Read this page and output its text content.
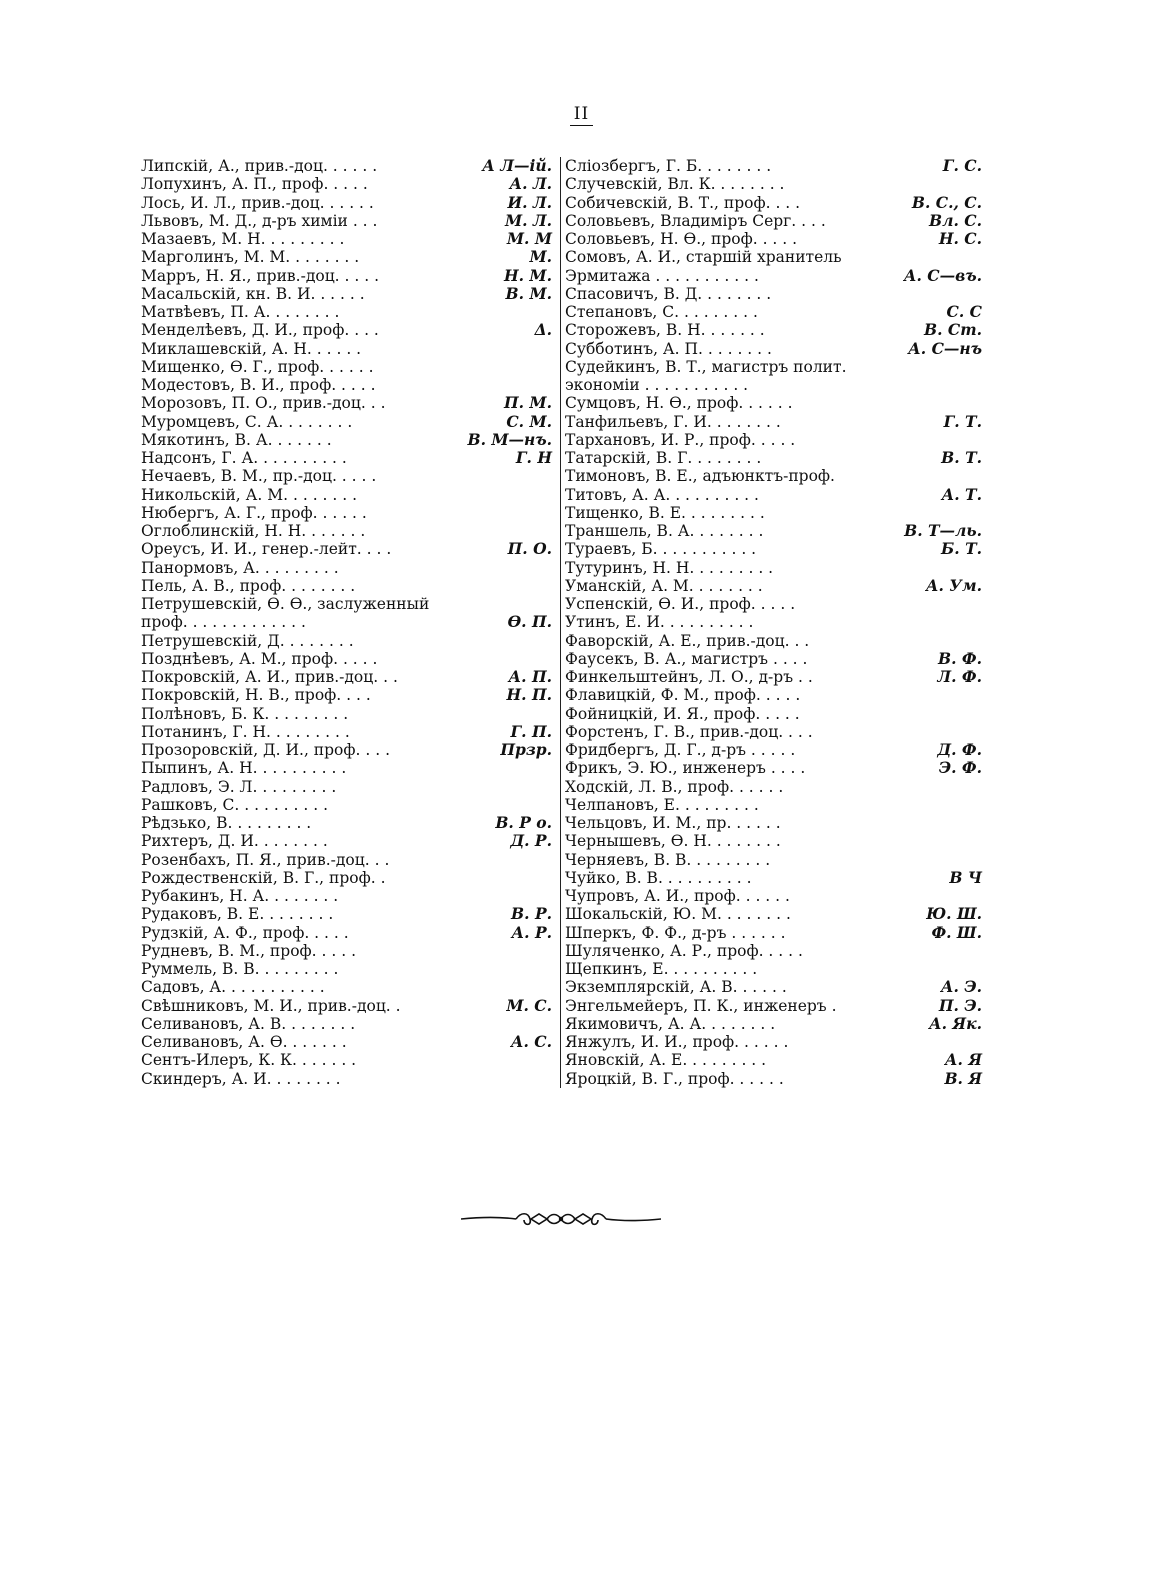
II
Липскій, А., прив.-доц. . . . . .	А Л—ій.
Лопухинъ, А. П., проф. . . . .	А. Л.
Лось, И. Л., прив.-доц. . . . . .	И. Л.
Львовъ, М. Д., д-ръ химіи . . .	М. Л.
Мазаевъ, М. Н. . . . . . . . .	М. М
Марголинъ, М. М. . . . . . . .	М.
Марръ, Н. Я., прив.-доц. . . . .	Н. М.
Масальскій, кн. В. И. . . . . .	В. М.
Матвѣевъ, П. А. . . . . . . .
Менделѣевъ, Д. И., проф. . . .	Δ.
Миклашевскій, А. Н. . . . . .
Мищенко, Ѳ. Г., проф. . . . . .
Модестовъ, В. И., проф. . . . .
Морозовъ, П. О., прив.-доц. . .	П. М.
Муромцевъ, С. А. . . . . . . .	С. М.
Мякотинъ, В. А. . . . . . .	В. М—нъ.
Надсонъ, Г. А. . . . . . . . . .	Г. Н
Нечаевъ, В. М., пр.-доц. . . . .
Никольскій, А. М. . . . . . . .
Нюбергъ, А. Г., проф. . . . . .
Оглоблинскій, Н. Н. . . . . . .
Ореусъ, И. И., генер.-лейт. . . .	П. О.
Панормовъ, А. . . . . . . . .
Пель, А. В., проф. . . . . . . .
Петрушевскій, Ѳ. Ѳ., заслуженный
проф. . . . . . . . . . . . .	Ѳ. П.
Петрушевскій, Д. . . . . . . .
Позднѣевъ, А. М., проф. . . . .
Покровскій, А. И., прив.-доц. . .	А. П.
Покровскій, Н. В., проф. . . .	Н. П.
Полѣновъ, Б. К. . . . . . . . .
Потанинъ, Г. Н. . . . . . . . .	Г. П.
Прозоровскій, Д. И., проф. . . .	Прзр.
Пыпинъ, А. Н. . . . . . . . . .
Радловъ, Э. Л. . . . . . . . .
Рашковъ, С. . . . . . . . . .
Рѣдзько, В. . . . . . . . .	В. Р о.
Рихтеръ, Д. И. . . . . . . .	Д. Р.
Розенбахъ, П. Я., прив.-доц. . .
Рождественскій, В. Г., проф. .
Рубакинъ, Н. А. . . . . . . .
Рудаковъ, В. Е. . . . . . . .	В. Р.
Рудзкій, А. Ф., проф. . . . .	А. Р.
Рудневъ, В. М., проф. . . . .
Руммель, В. В. . . . . . . . .
Садовъ, А. . . . . . . . . . .
Свѣшниковъ, М. И., прив.-доц. .	М. С.
Селивановъ, А. В. . . . . . . .
Селивановъ, А. Ѳ. . . . . . .	А. С.
Сентъ-Илеръ, К. К. . . . . . .
Скиндеръ, А. И. . . . . . . .
Сліозбергъ, Г. Б. . . . . . . .	Г. С.
Случевскій, Вл. К. . . . . . . .
Собичевскій, В. Т., проф. . . .	В. С., С.
Соловьевъ, Владиміръ Серг. . . .	Вл. С.
Соловьевъ, Н. Ѳ., проф. . . . .	Н. С.
Сомовъ, А. И., старшій хранитель
Эрмитажа . . . . . . . . . . .	А. С—въ.
Спасовичъ, В. Д. . . . . . . .
Степановъ, С. . . . . . . . .	С. С
Сторожевъ, В. Н. . . . . . .	В. Ст.
Субботинъ, А. П. . . . . . . .	А. С—нъ
Судейкинъ, В. Т., магистръ полит.
экономіи . . . . . . . . . . .
Сумцовъ, Н. Ѳ., проф. . . . . .
Танфильевъ, Г. И. . . . . . . .	Г. Т.
Тархановъ, И. Р., проф. . . . .
Татарскій, В. Г. . . . . . . .	В. Т.
Тимоновъ, В. Е., адъюнктъ-проф.
Титовъ, А. А. . . . . . . . . .	А. Т.
Тищенко, В. Е. . . . . . . . .
Траншель, В. А. . . . . . . .	В. Т—ль.
Тураевъ, Б. . . . . . . . . . .	Б. Т.
Тутуринъ, Н. Н. . . . . . . . .
Уманскій, А. М. . . . . . . .	А. Ум.
Успенскій, Ѳ. И., проф. . . . .
Утинъ, Е. И. . . . . . . . . .
Фаворскій, А. Е., прив.-доц. . .
Фаусекъ, В. А., магистръ . . . .	В. Ф.
Финкельштейнъ, Л. О., д-ръ . .	Л. Ф.
Флавицкій, Ф. М., проф. . . . .
Фойницкій, И. Я., проф. . . . .
Форстенъ, Г. В., прив.-доц. . . .
Фридбергъ, Д. Г., д-ръ . . . . .	Д. Ф.
Фрикъ, Э. Ю., инженеръ . . . .	Э. Ф.
Ходскій, Л. В., проф. . . . . .
Челпановъ, Е. . . . . . . . .
Чельцовъ, И. М., пр. . . . . .
Чернышевъ, Ѳ. Н. . . . . . . .
Черняевъ, В. В. . . . . . . . .
Чуйко, В. В. . . . . . . . . .	В Ч
Чупровъ, А. И., проф. . . . . .
Шокальскій, Ю. М. . . . . . . .	Ю. Ш.
Шперкъ, Ф. Ф., д-ръ . . . . . .	Ф. Ш.
Шуляченко, А. Р., проф. . . . .
Щепкинъ, Е. . . . . . . . . .
Экземплярскій, А. В. . . . . .	А. Э.
Энгельмейеръ, П. К., инженеръ .	П. Э.
Якимовичъ, А. А. . . . . . . .	А. Як.
Янжулъ, И. И., проф. . . . . .
Яновскій, А. Е. . . . . . . . .	А. Я
Ярoцкій, В. Г., проф. . . . . .	В. Я
